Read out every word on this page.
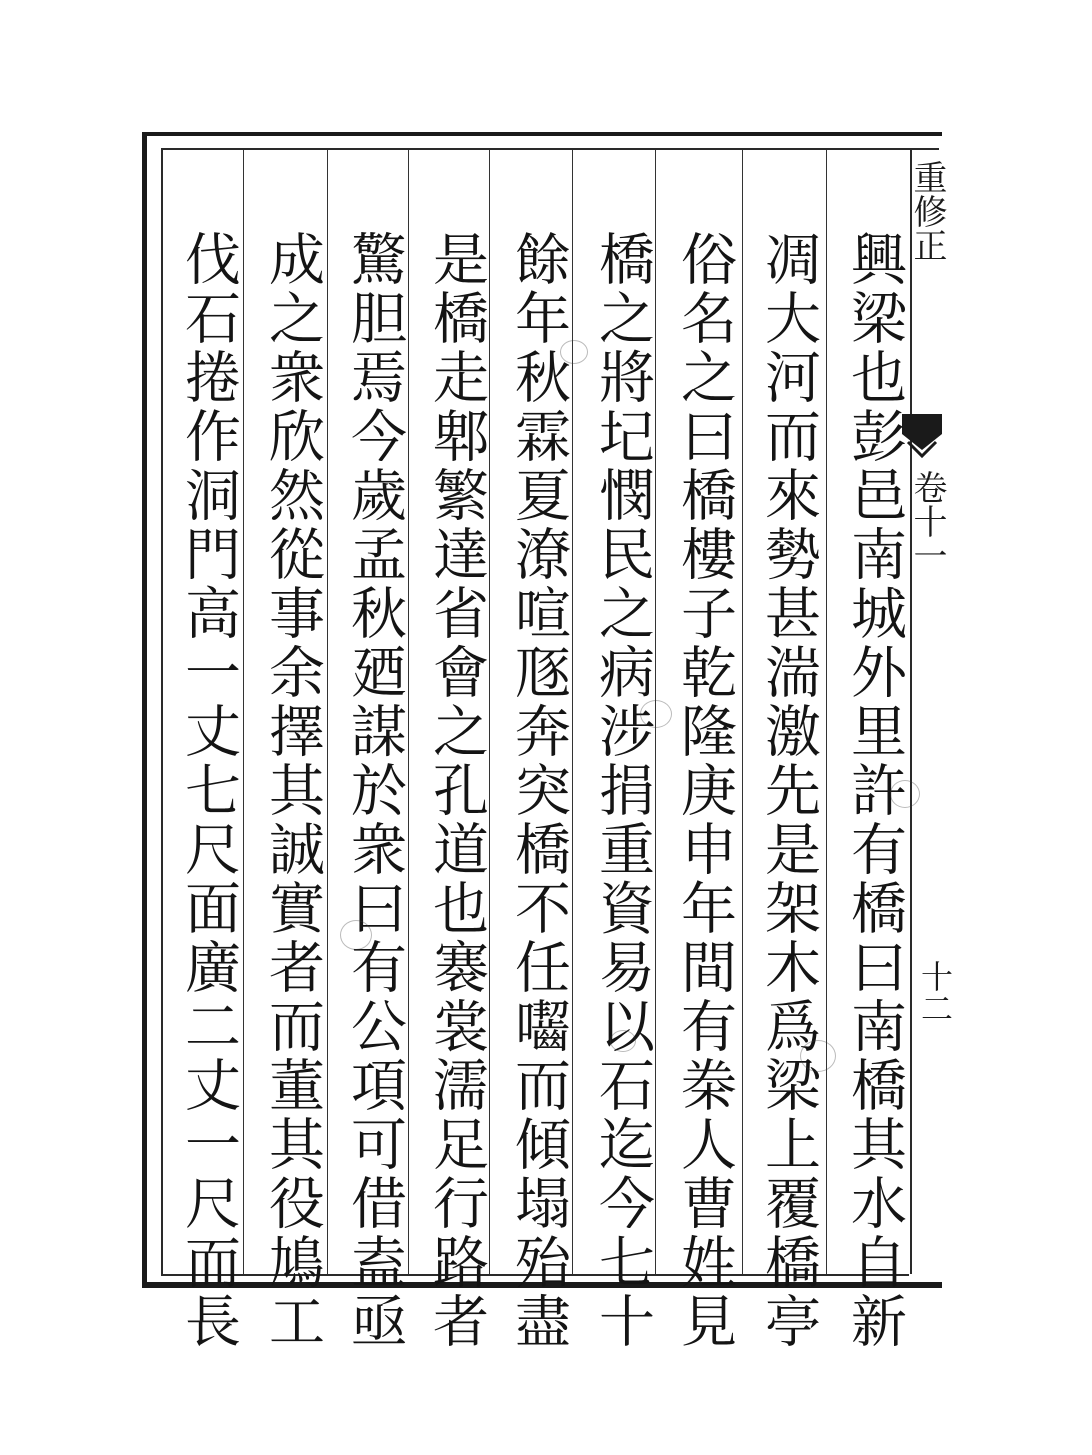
重修正
卷十一
十二
興梁也彭邑南城外里許有橋曰南橋其水自新
凋大河而來勢甚湍激先是架木爲梁上覆橋亭
俗名之曰橋樓子乾隆庚申年間有桊人曹姓見
橋之將圮憫民之病涉捐重資易以石迄今七十
餘年秋霖夏潦喧豗奔突橋不任囓而傾塌殆盡
是橋走郫繁達省會之孔道也褰裳濡足行路者
驚胆焉今歲孟秋廼謀於衆曰有公項可借盍亟
成之衆欣然從事余擇其誠實者而董其役鳩工
伐石捲作洞門高一丈七尺面廣二丈一尺而長
